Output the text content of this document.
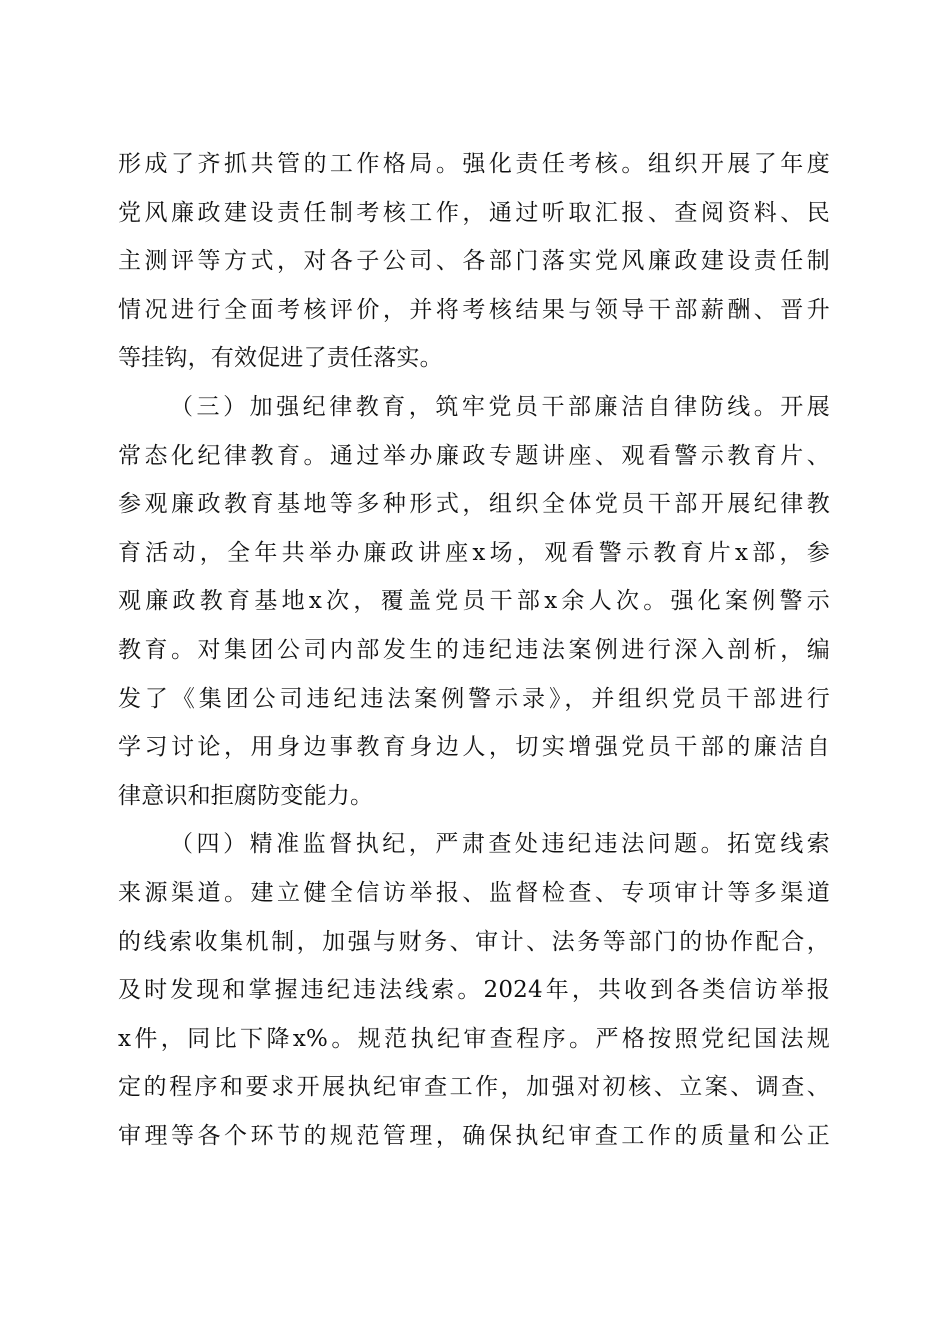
形成了齐抓共管的工作格局。强化责任考核。组织开展了年度
党风廉政建设责任制考核工作，通过听取汇报、查阅资料、民
主测评等方式，对各子公司、各部门落实党风廉政建设责任制
情况进行全面考核评价，并将考核结果与领导干部薪酬、晋升
等挂钩，有效促进了责任落实。
（三）加强纪律教育，筑牢党员干部廉洁自律防线。开展
常态化纪律教育。通过举办廉政专题讲座、观看警示教育片、
参观廉政教育基地等多种形式，组织全体党员干部开展纪律教
育活动，全年共举办廉政讲座x场，观看警示教育片x部，参
观廉政教育基地x次，覆盖党员干部x余人次。强化案例警示
教育。对集团公司内部发生的违纪违法案例进行深入剖析，编
发了《集团公司违纪违法案例警示录》，并组织党员干部进行
学习讨论，用身边事教育身边人，切实增强党员干部的廉洁自
律意识和拒腐防变能力。
（四）精准监督执纪，严肃查处违纪违法问题。拓宽线索
来源渠道。建立健全信访举报、监督检查、专项审计等多渠道
的线索收集机制，加强与财务、审计、法务等部门的协作配合，
及时发现和掌握违纪违法线索。2024年，共收到各类信访举报
x件，同比下降x%。规范执纪审查程序。严格按照党纪国法规
定的程序和要求开展执纪审查工作，加强对初核、立案、调查、
审理等各个环节的规范管理，确保执纪审查工作的质量和公正
